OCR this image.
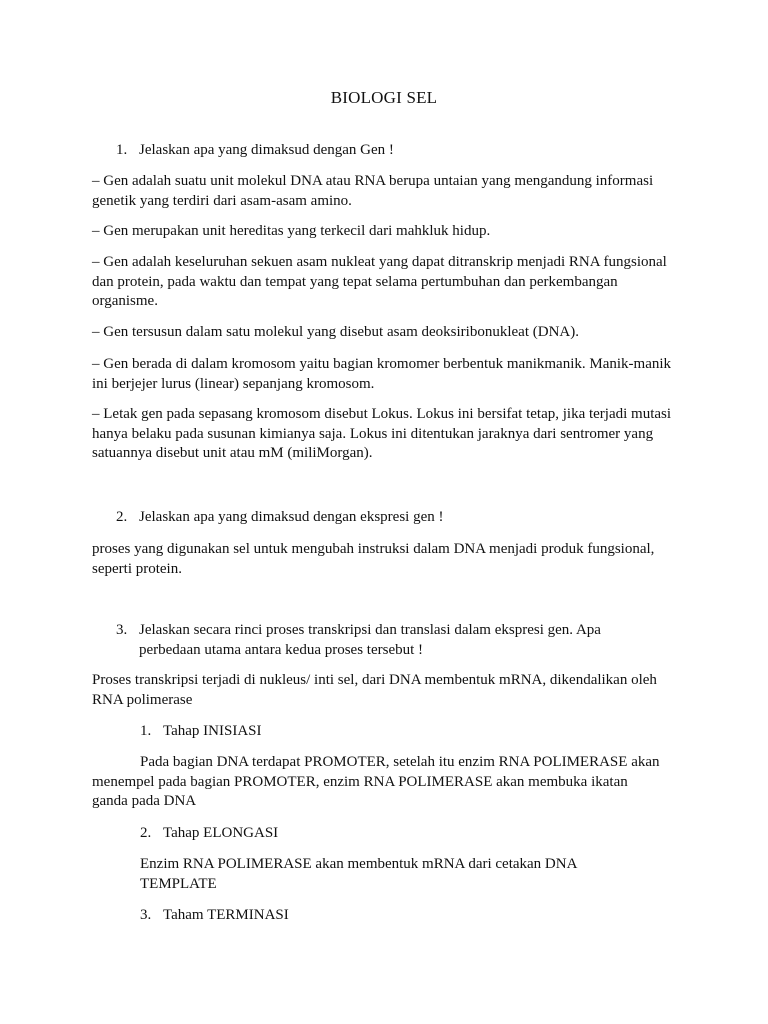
BIOLOGI SEL
1. Jelaskan apa yang dimaksud dengan Gen !

– Gen adalah suatu unit molekul DNA atau RNA berupa untaian yang mengandung informasi genetik yang terdiri dari asam-asam amino.

– Gen merupakan unit hereditas yang terkecil dari mahkluk hidup.

– Gen adalah keseluruhan sekuen asam nukleat yang dapat ditranskrip menjadi RNA fungsional dan protein, pada waktu dan tempat yang tepat selama pertumbuhan dan perkembangan organisme.

– Gen tersusun dalam satu molekul yang disebut asam deoksiribonukleat (DNA).

– Gen berada di dalam kromosom yaitu bagian kromomer berbentuk manikmanik. Manik-manik ini berjejer lurus (linear) sepanjang kromosom.

– Letak gen pada sepasang kromosom disebut Lokus. Lokus ini bersifat tetap, jika terjadi mutasi hanya belaku pada susunan kimianya saja. Lokus ini ditentukan jaraknya dari sentromer yang satuannya disebut unit atau mM (miliMorgan).

2. Jelaskan apa yang dimaksud dengan ekspresi gen !

proses yang digunakan sel untuk mengubah instruksi dalam DNA menjadi produk fungsional, seperti protein.

3. Jelaskan secara rinci proses transkripsi dan translasi dalam ekspresi gen. Apa perbedaan utama antara kedua proses tersebut !

Proses transkripsi terjadi di nukleus/ inti sel, dari DNA membentuk mRNA, dikendalikan oleh RNA polimerase

1. Tahap INISIASI

Pada bagian DNA terdapat PROMOTER, setelah itu enzim RNA POLIMERASE akan menempel pada bagian PROMOTER, enzim RNA POLIMERASE akan membuka ikatan ganda pada DNA

2. Tahap ELONGASI

Enzim RNA POLIMERASE akan membentuk mRNA dari cetakan DNA TEMPLATE

3. Taham TERMINASI
